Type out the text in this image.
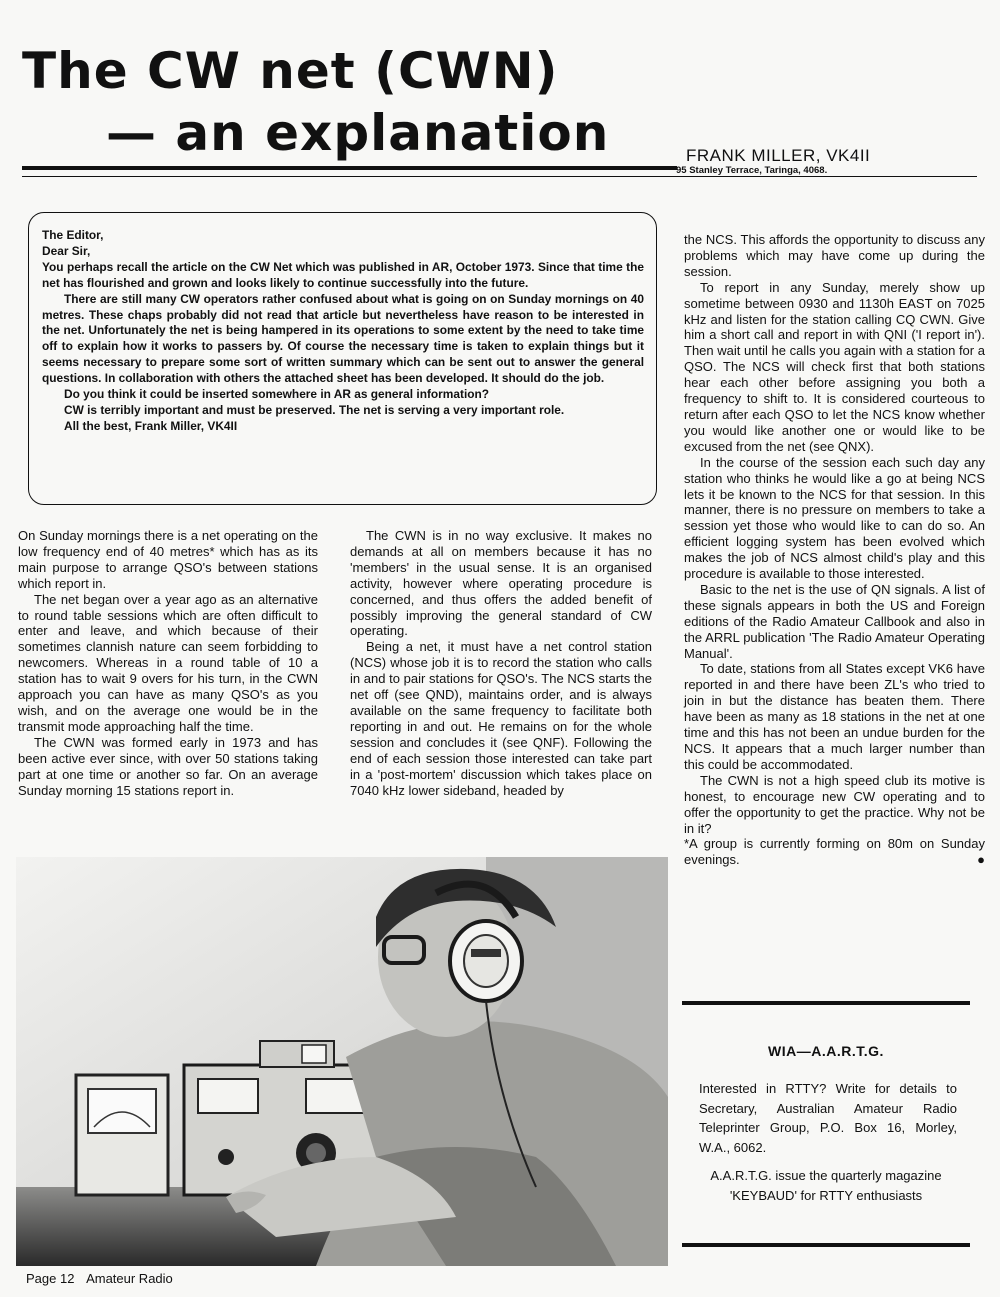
The CW net (CWN)
— an explanation	FRANK MILLER, VK4II
95 Stanley Terrace, Taringa, 4068.

The Editor,

Dear Sir,

You perhaps recall the article on the CW Net which was published in AR, October 1973. Since that time the net has flourished and grown and looks likely to continue successfully into the future.

There are still many CW operators rather confused about what is going on on Sunday mornings on 40 metres. These chaps probably did not read that article but nevertheless have reason to be interested in the net. Unfortunately the net is being hampered in its operations to some extent by the need to take time off to explain how it works to passers by. Of course the necessary time is taken to explain things but it seems necessary to prepare some sort of written summary which can be sent out to answer the general questions. In collaboration with others the attached sheet has been developed. It should do the job.

Do you think it could be inserted somewhere in AR as general information?

CW is terribly important and must be preserved. The net is serving a very important role.

All the best, Frank Miller, VK4II

On Sunday mornings there is a net operating on the low frequency end of 40 metres* which has as its main purpose to arrange QSO's between stations which report in.

The net began over a year ago as an alternative to round table sessions which are often difficult to enter and leave, and which because of their sometimes clannish nature can seem forbidding to newcomers. Whereas in a round table of 10 a station has to wait 9 overs for his turn, in the CWN approach you can have as many QSO's as you wish, and on the average one would be in the transmit mode approaching half the time.

The CWN was formed early in 1973 and has been active ever since, with over 50 stations taking part at one time or another so far. On an average Sunday morning 15 stations report in.

The CWN is in no way exclusive. It makes no demands at all on members because it has no 'members' in the usual sense. It is an organised activity, however where operating procedure is concerned, and thus offers the added benefit of possibly improving the general standard of CW operating.

Being a net, it must have a net control station (NCS) whose job it is to record the station who calls in and to pair stations for QSO's. The NCS starts the net off (see QND), maintains order, and is always available on the same frequency to facilitate both reporting in and out. He remains on for the whole session and concludes it (see QNF). Following the end of each session those interested can take part in a 'post-mortem' discussion which takes place on 7040 kHz lower sideband, headed by

the NCS. This affords the opportunity to discuss any problems which may have come up during the session.

To report in any Sunday, merely show up sometime between 0930 and 1130h EAST on 7025 kHz and listen for the station calling CQ CWN. Give him a short call and report in with QNI ('I report in'). Then wait until he calls you again with a station for a QSO. The NCS will check first that both stations hear each other before assigning you both a frequency to shift to. It is considered courteous to return after each QSO to let the NCS know whether you would like another one or would like to be excused from the net (see QNX).

In the course of the session each such day any station who thinks he would like a go at being NCS lets it be known to the NCS for that session. In this manner, there is no pressure on members to take a session yet those who would like to can do so. An efficient logging system has been evolved which makes the job of NCS almost child's play and this procedure is available to those interested.

Basic to the net is the use of QN signals. A list of these signals appears in both the US and Foreign editions of the Radio Amateur Callbook and also in the ARRL publication 'The Radio Amateur Operating Manual'.

To date, stations from all States except VK6 have reported in and there have been ZL's who tried to join in but the distance has beaten them. There have been as many as 18 stations in the net at one time and this has not been an undue burden for the NCS. It appears that a much larger number than this could be accommodated.

The CWN is not a high speed club its motive is honest, to encourage new CW operating and to offer the opportunity to get the practice. Why not be in it?

*A group is currently forming on 80m on Sunday evenings.	●

WIA—A.A.R.T.G.
Interested in RTTY? Write for details to Secretary, Australian Amateur Radio Teleprinter Group, P.O. Box 16, Morley, W.A., 6062.
A.A.R.T.G. issue the quarterly magazine 'KEYBAUD' for RTTY enthusiasts
Page 12 Amateur Radio
